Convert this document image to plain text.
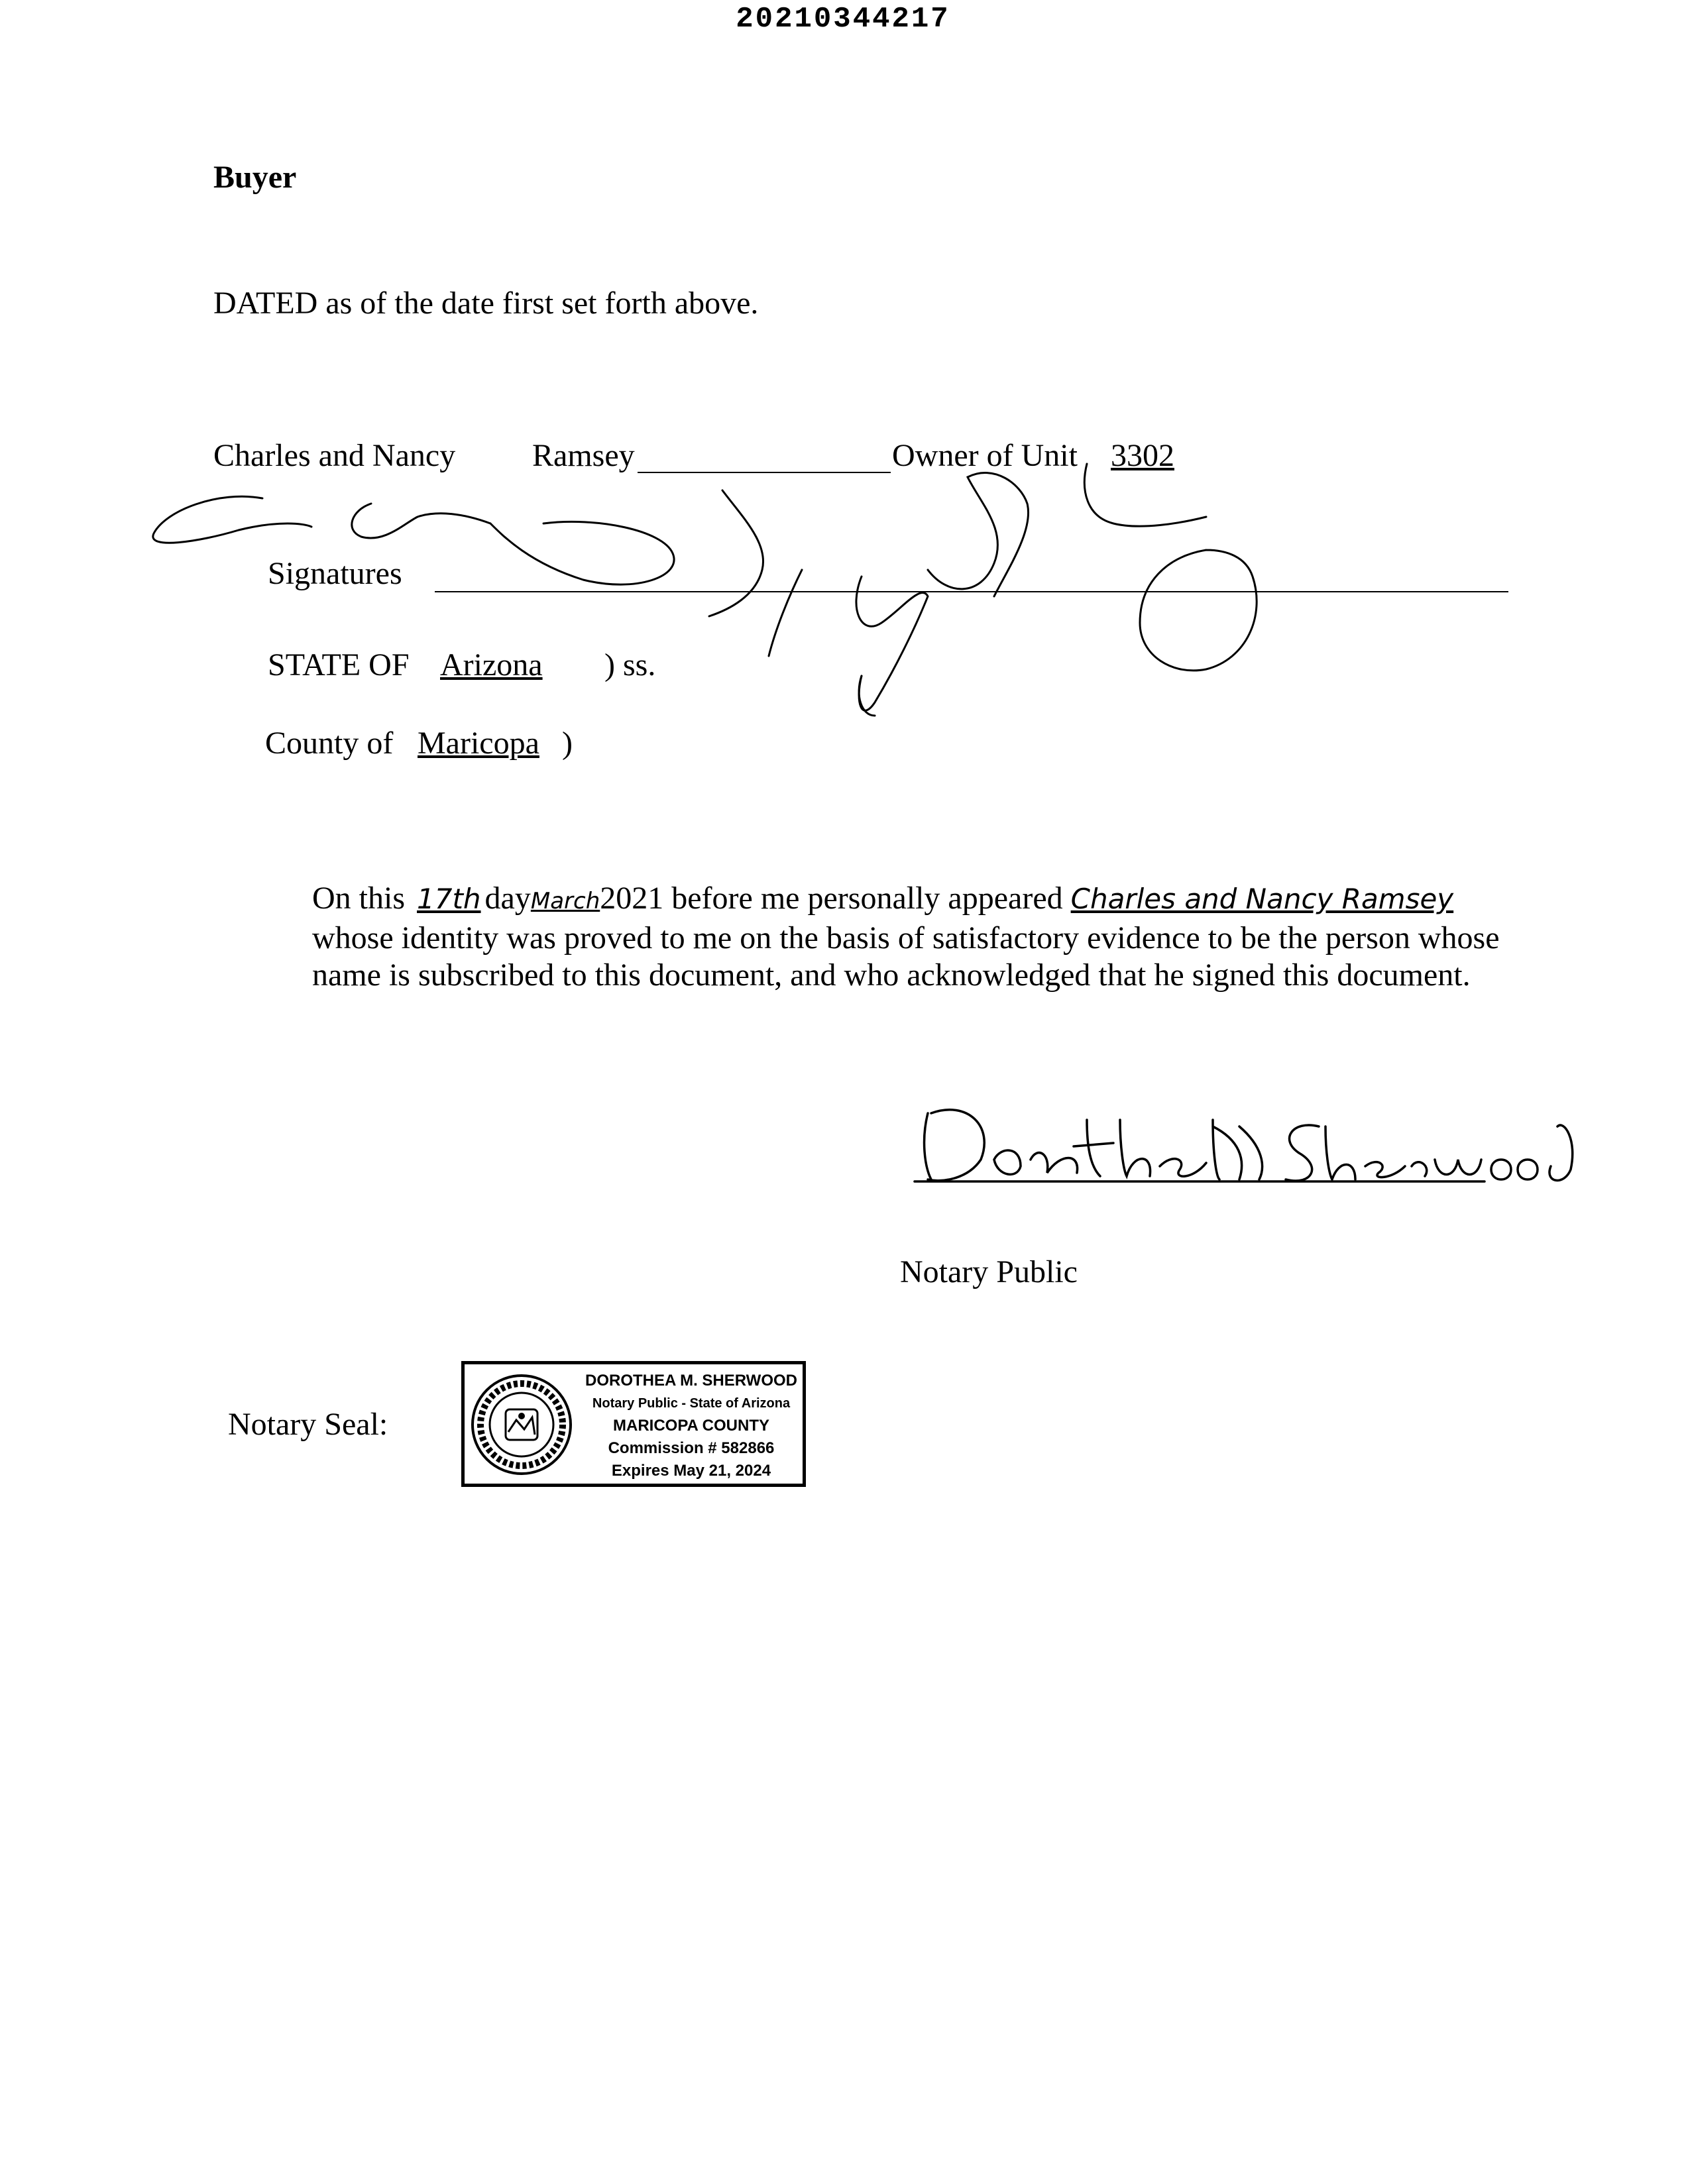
20210344217
Buyer
DATED as of the date first set forth above.
Charles and Nancy Ramsey	Owner of Unit 3302
Signatures
STATE OF Arizona ) ss.
County of Maricopa )
On this 17th dayMarch2021 before me personally appeared Charles and Nancy Ramsey whose identity was proved to me on the basis of satisfactory evidence to be the person whose name is subscribed to this document, and who acknowledged that he signed this document.
Notary Public
Notary Seal:
DOROTHEA M. SHERWOOD
Notary Public - State of Arizona
MARICOPA COUNTY
Commission # 582866
Expires May 21, 2024
